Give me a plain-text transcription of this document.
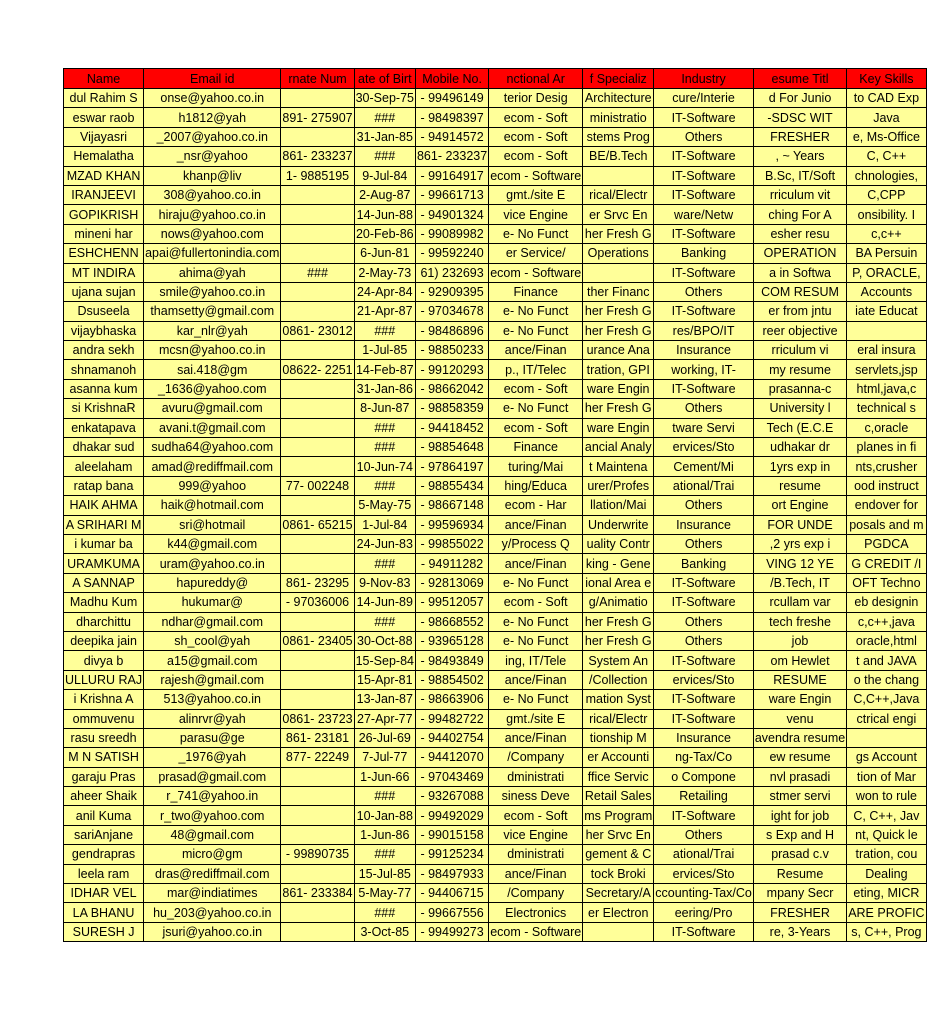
Name	Email id	rnate Num	ate of Birt	Mobile No.	nctional Ar	f Specializ	Industry	esume Titl	Key Skills
dul Rahim S	onse@yahoo.co.in		30-Sep-75	- 99496149	terior Desig	Architecture	cure/Interie	d For Junio	to CAD Exp
eswar raob	h1812@yah	891- 275907	###	- 98498397	ecom - Soft	ministratio	IT-Software	-SDSC WIT	Java
Vijayasri	_2007@yahoo.co.in		31-Jan-85	- 94914572	ecom - Soft	stems Prog	Others	FRESHER	e, Ms-Office
Hemalatha	_nsr@yahoo	861- 233237	###	861- 233237	ecom - Soft	BE/B.Tech	IT-Software	, ~ Years	C, C++
MZAD KHAN	khanp@liv	1- 9885195	9-Jul-84	- 99164917	ecom - Software		IT-Software	B.Sc, IT/Soft	chnologies,
IRANJEEVI	308@yahoo.co.in		2-Aug-87	- 99661713	gmt./site E	rical/Electr	IT-Software	rriculum vit	C,CPP
GOPIKRISH	hiraju@yahoo.co.in		14-Jun-88	- 94901324	vice Engine	er Srvc En	ware/Netw	ching For A	onsibility. I
mineni har	nows@yahoo.com		20-Feb-86	- 99089982	e- No Funct	her Fresh G	IT-Software	esher resu	c,c++
ESHCHENN	apai@fullertonindia.com		6-Jun-81	- 99592240	er Service/	Operations	Banking	OPERATION	BA Persuin
MT INDIRA	ahima@yah	###	2-May-73	61) 232693	ecom - Software		IT-Software	a in Softwa	P, ORACLE,
ujana sujan	smile@yahoo.co.in		24-Apr-84	- 92909395	Finance	ther Financ	Others	COM RESUM	Accounts
Dsuseela	thamsetty@gmail.com		21-Apr-87	- 97034678	e- No Funct	her Fresh G	IT-Software	er from jntu	iate Educat
vijaybhaska	kar_nlr@yah	0861- 23012	###	- 98486896	e- No Funct	her Fresh G	res/BPO/IT	reer objective	
andra sekh	mcsn@yahoo.co.in		1-Jul-85	- 98850233	ance/Finan	urance Ana	Insurance	rriculum vi	eral insura
shnamanoh	sai.418@gm	08622- 2251	14-Feb-87	- 99120293	p., IT/Telec	tration, GPI	working, IT-	my resume	servlets,jsp
asanna kum	_1636@yahoo.com		31-Jan-86	- 98662042	ecom - Soft	ware Engin	IT-Software	prasanna-c	html,java,c
si KrishnaR	avuru@gmail.com		8-Jun-87	- 98858359	e- No Funct	her Fresh G	Others	University l	technical s
enkatapava	avani.t@gmail.com		###	- 94418452	ecom - Soft	ware Engin	tware Servi	Tech (E.C.E	c,oracle
dhakar sud	sudha64@yahoo.com		###	- 98854648	Finance	ancial Analy	ervices/Sto	udhakar dr	planes in fi
aleelaham	amad@rediffmail.com		10-Jun-74	- 97864197	turing/Mai	t Maintena	Cement/Mi	1yrs exp in	nts,crusher
ratap bana	999@yahoo	77- 002248	###	- 98855434	hing/Educa	urer/Profes	ational/Trai	resume	ood instruct
HAIK AHMA	haik@hotmail.com		5-May-75	- 98667148	ecom - Har	llation/Mai	Others	ort Engine	endover for
A SRIHARI M	sri@hotmail	0861- 65215	1-Jul-84	- 99596934	ance/Finan	Underwrite	Insurance	FOR UNDE	posals and m
i kumar ba	k44@gmail.com		24-Jun-83	- 99855022	y/Process Q	uality Contr	Others	,2 yrs exp i	PGDCA
URAMKUMA	uram@yahoo.co.in		###	- 94911282	ance/Finan	king - Gene	Banking	VING 12 YE	G CREDIT /I
A SANNAP	hapureddy@	861- 23295	9-Nov-83	- 92813069	e- No Funct	ional Area e	IT-Software	/B.Tech, IT	OFT Techno
Madhu Kum	hukumar@	- 97036006	14-Jun-89	- 99512057	ecom - Soft	g/Animatio	IT-Software	rcullam var	eb designin
dharchittu	ndhar@gmail.com		###	- 98668552	e- No Funct	her Fresh G	Others	tech freshe	c,c++,java
deepika jain	sh_cool@yah	0861- 23405	30-Oct-88	- 93965128	e- No Funct	her Fresh G	Others	job	oracle,html
divya b	a15@gmail.com		15-Sep-84	- 98493849	ing, IT/Tele	System An	IT-Software	om Hewlet	t and JAVA
ULLURU RAJ	rajesh@gmail.com		15-Apr-81	- 98854502	ance/Finan	/Collection	ervices/Sto	RESUME	o the chang
i Krishna A	513@yahoo.co.in		13-Jan-87	- 98663906	e- No Funct	mation Syst	IT-Software	ware Engin	C,C++,Java
ommuvenu	alinrvr@yah	0861- 23723	27-Apr-77	- 99482722	gmt./site E	rical/Electr	IT-Software	venu	ctrical engi
rasu sreedh	parasu@ge	861- 23181	26-Jul-69	- 94402754	ance/Finan	tionship M	Insurance	avendra resume	
M N SATISH	_1976@yah	877- 22249	7-Jul-77	- 94412070	/Company	er Accounti	ng-Tax/Co	ew resume	gs Account
garaju Pras	prasad@gmail.com		1-Jun-66	- 97043469	dministrati	ffice Servic	o Compone	nvl prasadi	tion of Mar
aheer Shaik	r_741@yahoo.in		###	- 93267088	siness Deve	Retail Sales	Retailing	stmer servi	won to rule
anil Kuma	r_two@yahoo.com		10-Jan-88	- 99492029	ecom - Soft	ms Program	IT-Software	ight for job	C, C++, Jav
sariAnjane	48@gmail.com		1-Jun-86	- 99015158	vice Engine	her Srvc En	Others	s Exp and H	nt, Quick le
gendrapras	micro@gm	- 99890735	###	- 99125234	dministrati	gement & C	ational/Trai	prasad c.v	tration, cou
leela ram	dras@rediffmail.com		15-Jul-85	- 98497933	ance/Finan	tock Broki	ervices/Sto	Resume	Dealing
IDHAR VEL	mar@indiatimes	861- 233384	5-May-77	- 94406715	/Company	Secretary/A	ccounting-Tax/Co	mpany Secr	eting, MICR
LA BHANU	hu_203@yahoo.co.in		###	- 99667556	Electronics	er Electron	eering/Pro	FRESHER	ARE PROFIC
SURESH J	jsuri@yahoo.co.in		3-Oct-85	- 99499273	ecom - Software		IT-Software	re, 3-Years	s, C++, Prog
